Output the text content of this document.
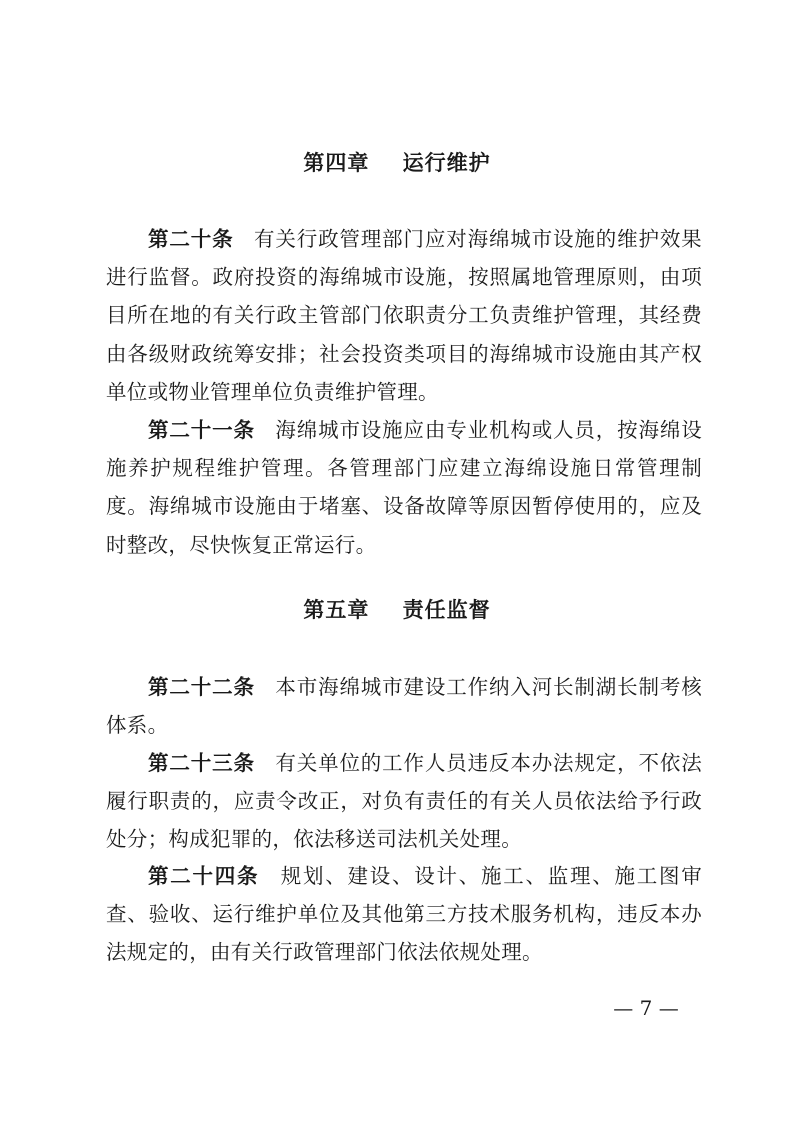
第四章    运行维护
第二十条 有关行政管理部门应对海绵城市设施的维护效果进行监督。政府投资的海绵城市设施，按照属地管理原则，由项目所在地的有关行政主管部门依职责分工负责维护管理，其经费由各级财政统筹安排；社会投资类项目的海绵城市设施由其产权单位或物业管理单位负责维护管理。
第二十一条 海绵城市设施应由专业机构或人员，按海绵设施养护规程维护管理。各管理部门应建立海绵设施日常管理制度。海绵城市设施由于堵塞、设备故障等原因暂停使用的，应及时整改，尽快恢复正常运行。
第五章    责任监督
第二十二条 本市海绵城市建设工作纳入河长制湖长制考核体系。
第二十三条 有关单位的工作人员违反本办法规定，不依法履行职责的，应责令改正，对负有责任的有关人员依法给予行政处分；构成犯罪的，依法移送司法机关处理。
第二十四条 规划、建设、设计、施工、监理、施工图审查、验收、运行维护单位及其他第三方技术服务机构，违反本办法规定的，由有关行政管理部门依法依规处理。
— 7 —
